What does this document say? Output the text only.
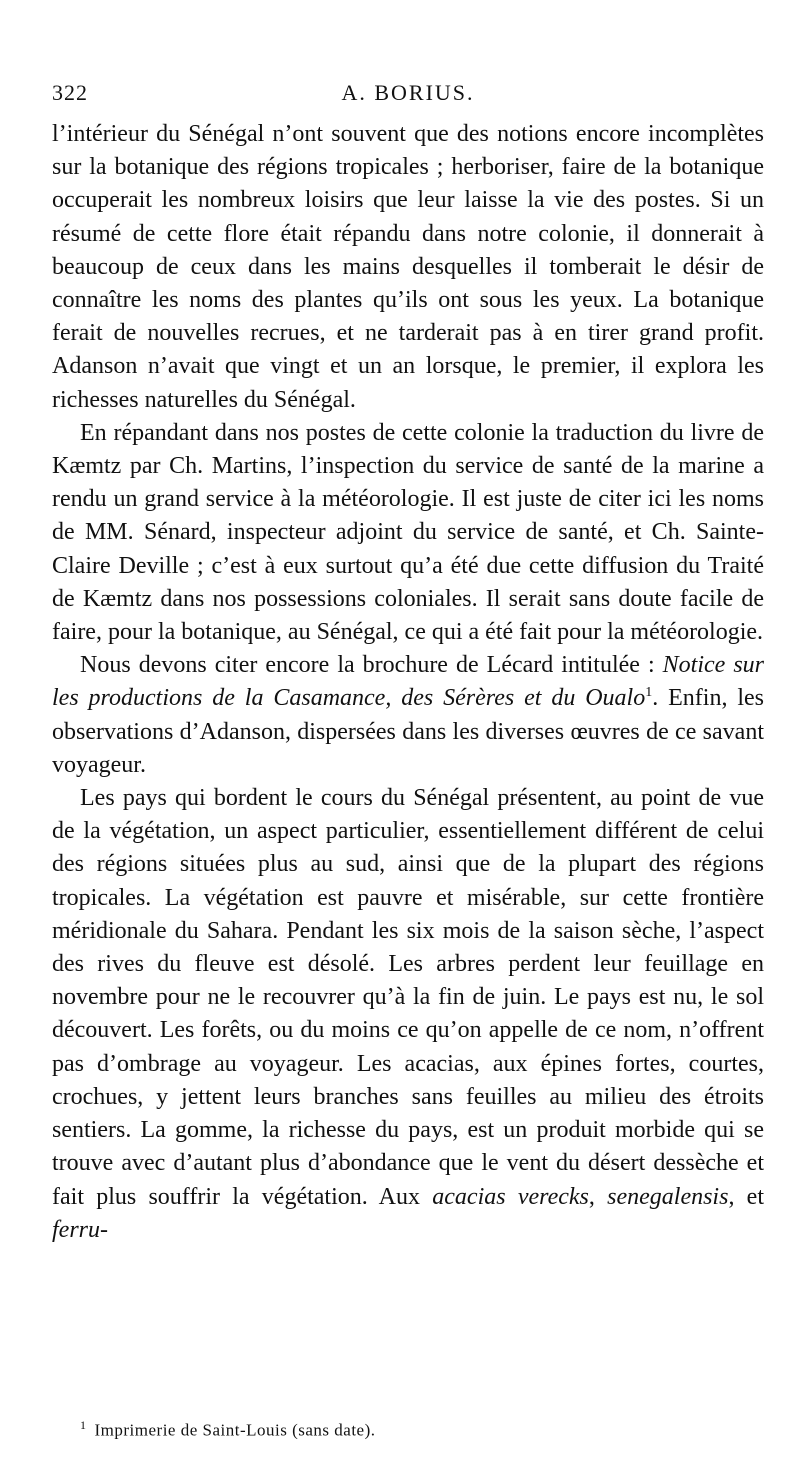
322	A. BORIUS.

l’intérieur du Sénégal n’ont souvent que des notions encore incomplètes sur la botanique des régions tropicales ; herboriser, faire de la botanique occuperait les nombreux loisirs que leur laisse la vie des postes. Si un résumé de cette flore était répandu dans notre colonie, il donnerait à beaucoup de ceux dans les mains desquelles il tomberait le désir de connaître les noms des plantes qu’ils ont sous les yeux. La botanique ferait de nouvelles recrues, et ne tarderait pas à en tirer grand profit. Adanson n’avait que vingt et un an lorsque, le premier, il explora les richesses naturelles du Sénégal.

En répandant dans nos postes de cette colonie la traduction du livre de Kæmtz par Ch. Martins, l’inspection du service de santé de la marine a rendu un grand service à la météorologie. Il est juste de citer ici les noms de MM. Sénard, inspecteur adjoint du service de santé, et Ch. Sainte-Claire Deville ; c’est à eux surtout qu’a été due cette diffusion du Traité de Kæmtz dans nos possessions coloniales. Il serait sans doute facile de faire, pour la botanique, au Sénégal, ce qui a été fait pour la météorologie.

Nous devons citer encore la brochure de Lécard intitulée : Notice sur les productions de la Casamance, des Sérères et du Oualo$^1$. Enfin, les observations d’Adanson, dispersées dans les diverses œuvres de ce savant voyageur.

Les pays qui bordent le cours du Sénégal présentent, au point de vue de la végétation, un aspect particulier, essentiellement différent de celui des régions situées plus au sud, ainsi que de la plupart des régions tropicales. La végétation est pauvre et misérable, sur cette frontière méridionale du Sahara. Pendant les six mois de la saison sèche, l’aspect des rives du fleuve est désolé. Les arbres perdent leur feuillage en novembre pour ne le recouvrer qu’à la fin de juin. Le pays est nu, le sol découvert. Les forêts, ou du moins ce qu’on appelle de ce nom, n’offrent pas d’ombrage au voyageur. Les acacias, aux épines fortes, courtes, crochues, y jettent leurs branches sans feuilles au milieu des étroits sentiers. La gomme, la richesse du pays, est un produit morbide qui se trouve avec d’autant plus d’abondance que le vent du désert dessèche et fait plus souffrir la végétation. Aux acacias verecks, senegalensis, et ferru-

$^1$ Imprimerie de Saint-Louis (sans date).
